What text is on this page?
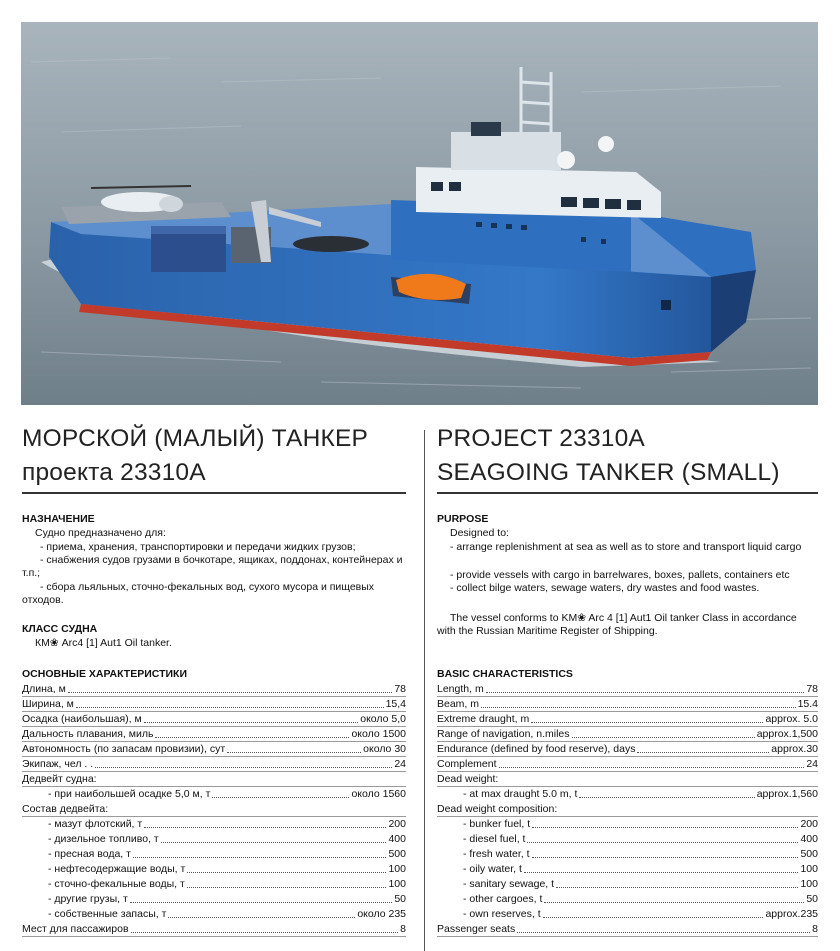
МОРСКОЙ (МАЛЫЙ) ТАНКЕР
проекта 23310А
НАЗНАЧЕНИЕ
Судно предназначено для:
- приема, хранения, транспортировки и передачи жидких грузов;
- снабжения судов грузами в бочкотаре, ящиках, поддонах, контейнерах и т.п.;
- сбора льяльных, сточно-фекальных вод, сухого мусора и пищевых отходов.
КЛАСС СУДНА
КМ❀ Arc4 [1] Aut1 Oil tanker.
ОСНОВНЫЕ ХАРАКТЕРИСТИКИ
Длина, м	78
Ширина, м	15,4
Осадка (наибольшая), м	около 5,0
Дальность плавания, миль	около 1500
Автономность (по запасам провизии), сут	около 30
Экипаж, чел . .	24
Дедвейт судна:
- при наибольшей осадке 5,0 м, т	около 1560
Состав дедвейта:
- мазут флотский, т	200
- дизельное топливо, т	400
- пресная вода, т	500
- нефтесодержащие воды, т	100
- сточно-фекальные воды, т	100
- другие грузы, т	50
- собственные запасы, т	около 235
Мест для пассажиров	8
PROJECT 23310A
SEAGOING TANKER (SMALL)
PURPOSE
Designed to:
- arrange replenishment at sea as well as to store and transport liquid cargo
- provide vessels with cargo in barrelwares, boxes, pallets, containers etc
- collect bilge waters, sewage waters, dry wastes and food wastes.
The vessel conforms to KM❀ Arc 4 [1] Aut1 Oil tanker Class in accordance with the Russian Maritime Register of Shipping.
BASIC CHARACTERISTICS
Length, m	78
Beam, m	15.4
Extreme draught, m	approx. 5.0
Range of navigation, n.miles	approx.1,500
Endurance (defined by food reserve), days	approx.30
Complement	24
Dead weight:
- at max draught 5.0 m, t	approx.1,560
Dead weight composition:
- bunker fuel, t	200
- diesel fuel, t	400
- fresh water, t	500
- oily water, t	100
- sanitary sewage, t	100
- other cargoes, t	50
- own reserves, t	approx.235
Passenger seats	8
